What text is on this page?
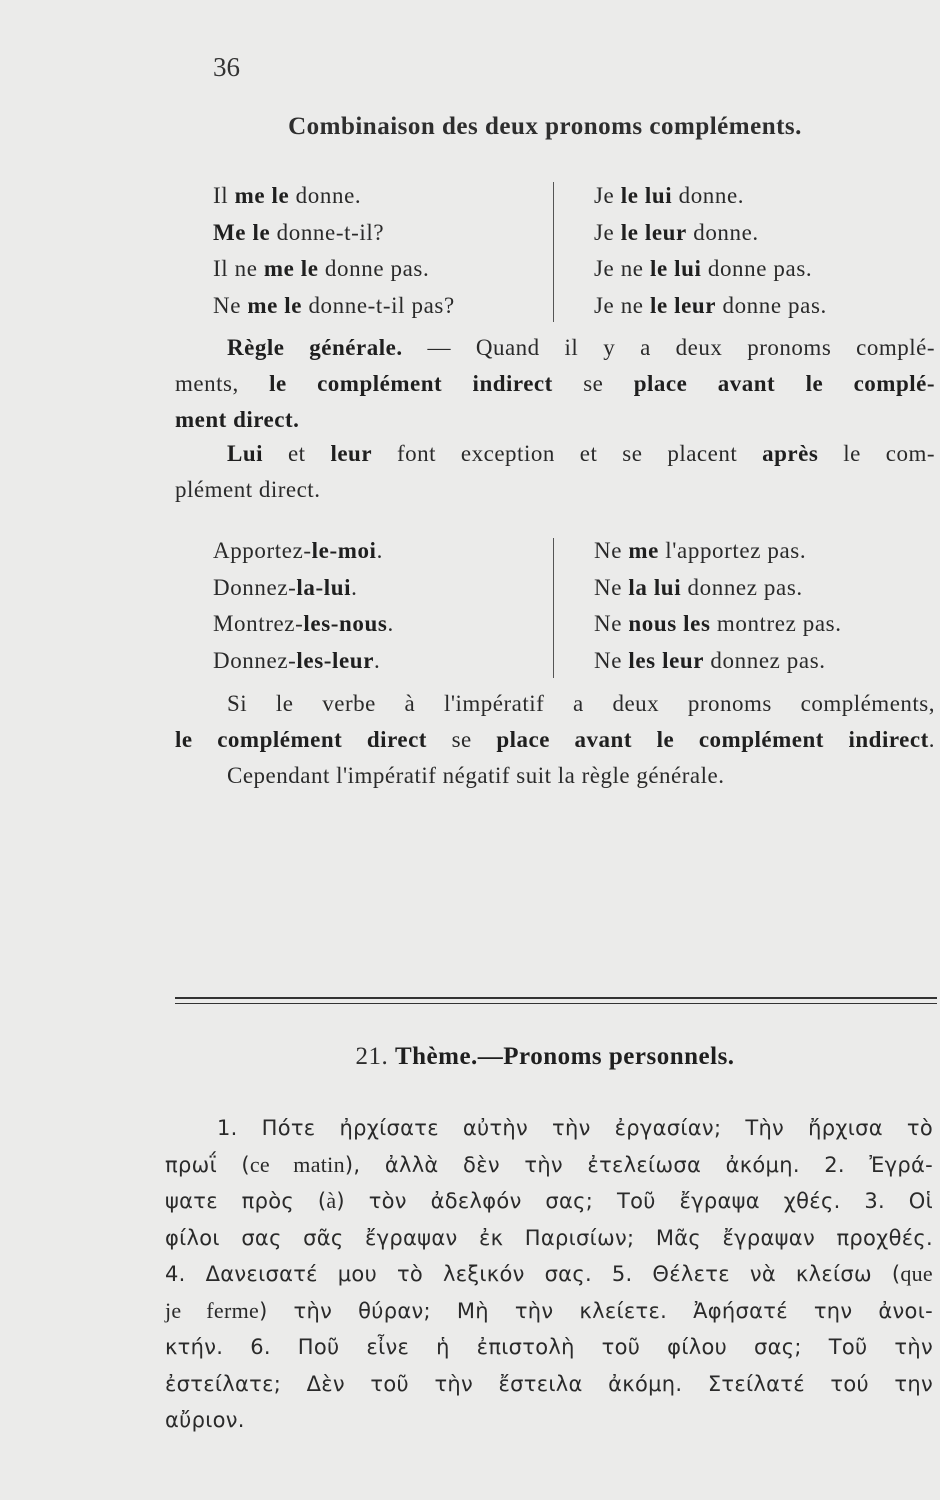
36
Combinaison des deux pronoms compléments.
Il me le donne.
Me le donne-t-il?
Il ne me le donne pas.
Ne me le donne-t-il pas?
Je le lui donne.
Je le leur donne.
Je ne le lui donne pas.
Je ne le leur donne pas.
Règle générale. — Quand il y a deux pronoms complé-
ments, le complément indirect se place avant le complé-
ment direct.
Lui et leur font exception et se placent après le com-
plément direct.
Apportez-le-moi.
Donnez-la-lui.
Montrez-les-nous.
Donnez-les-leur.
Ne me l'apportez pas.
Ne la lui donnez pas.
Ne nous les montrez pas.
Ne les leur donnez pas.
Si le verbe à l'impératif a deux pronoms compléments,
le complément direct se place avant le complément indirect.
Cependant l'impératif négatif suit la règle générale.
21. Thème.—Pronoms personnels.
1. Πότε ἠρχίσατε αὐτὴν τὴν ἐργασίαν; Τὴν ἤρχισα τὸ
πρωΐ (ce matin), ἀλλὰ δὲν τὴν ἐτελείωσα ἀκόμη. 2. Ἐγρά-
ψατε πρὸς (à) τὸν ἀδελφόν σας; Τοῦ ἔγραψα χθές. 3. Οἱ
φίλοι σας σᾶς ἔγραψαν ἐκ Παρισίων; Μᾶς ἔγραψαν προχθές.
4. Δανεισατέ μου τὸ λεξικόν σας. 5. Θέλετε νὰ κλείσω (que
je ferme) τὴν θύραν; Μὴ τὴν κλείετε. Ἀφήσατέ την ἀνοι-
κτήν. 6. Ποῦ εἶνε ἡ ἐπιστολὴ τοῦ φίλου σας; Τοῦ τὴν
ἐστείλατε; Δὲν τοῦ τὴν ἔστειλα ἀκόμη. Στείλατέ τού την
αὔριον.
